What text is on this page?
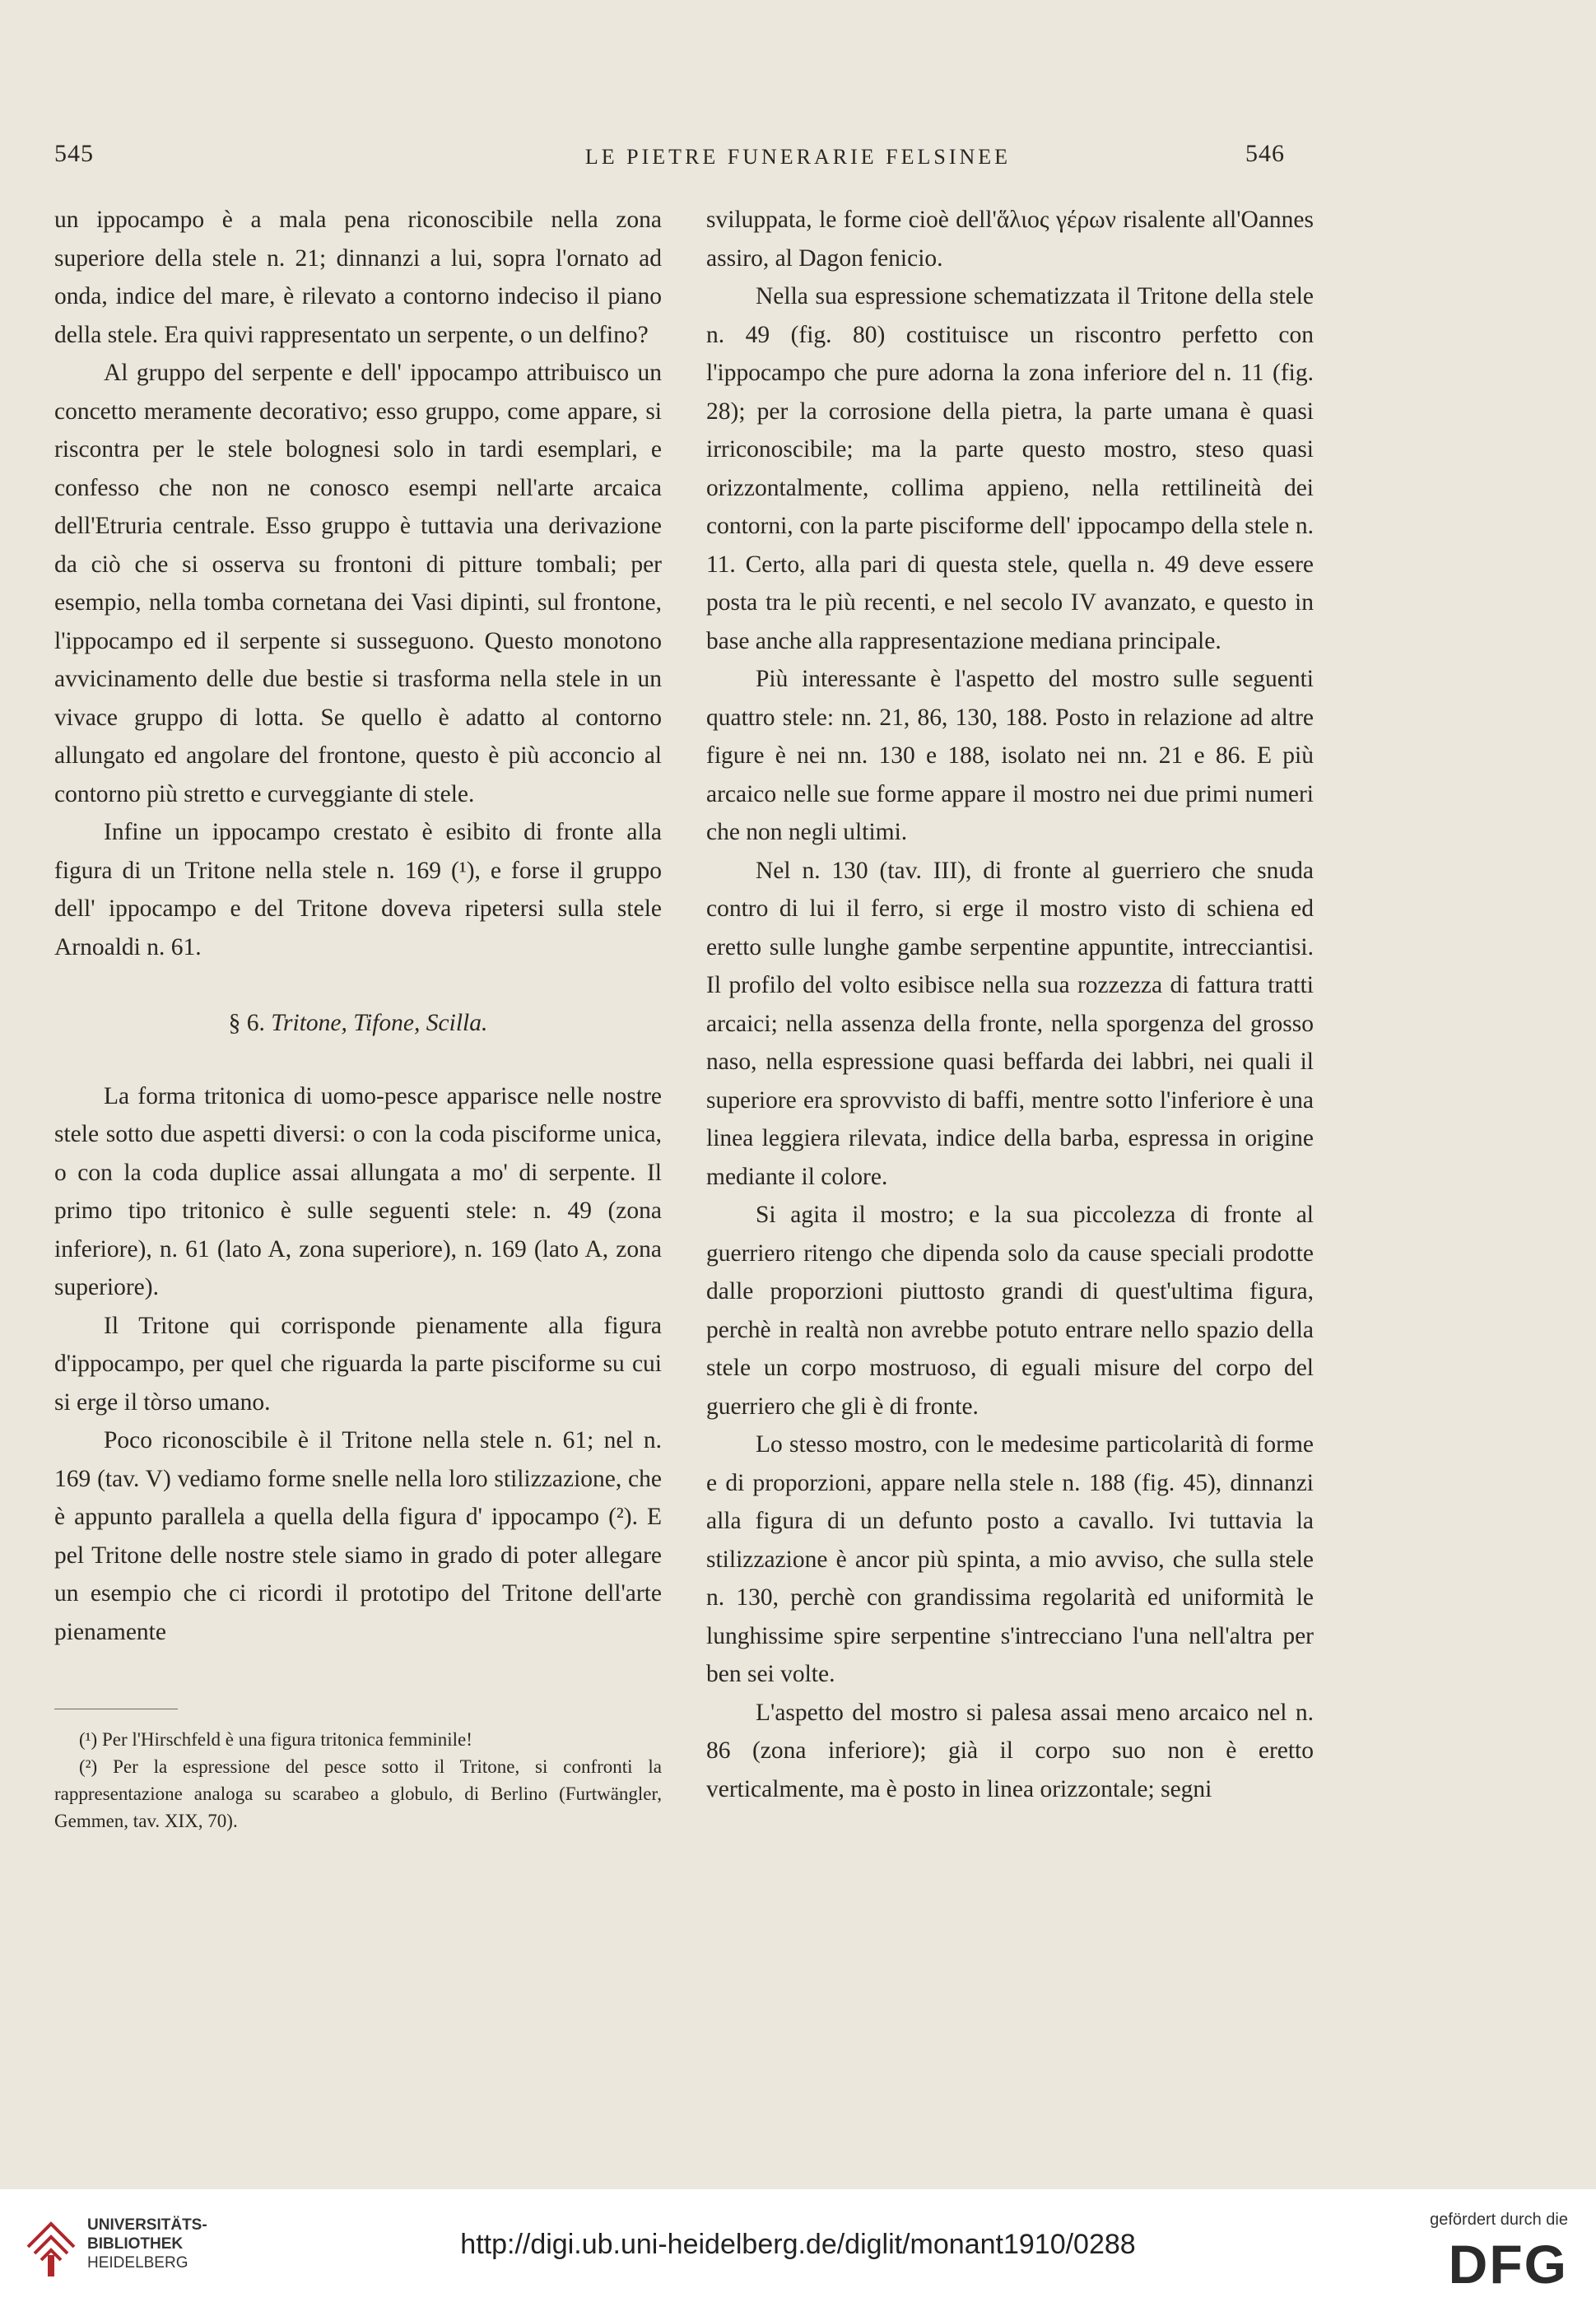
545	LE PIETRE FUNERARIE FELSINEE	546

un ippocampo è a mala pena riconoscibile nella zona superiore della stele n. 21; dinnanzi a lui, sopra l'ornato ad onda, indice del mare, è rilevato a contorno indeciso il piano della stele. Era quivi rappresentato un serpente, o un delfino?

Al gruppo del serpente e dell' ippocampo attribuisco un concetto meramente decorativo; esso gruppo, come appare, si riscontra per le stele bolognesi solo in tardi esemplari, e confesso che non ne conosco esempi nell'arte arcaica dell'Etruria centrale. Esso gruppo è tuttavia una derivazione da ciò che si osserva su frontoni di pitture tombali; per esempio, nella tomba cornetana dei Vasi dipinti, sul frontone, l'ippocampo ed il serpente si susseguono. Questo monotono avvicinamento delle due bestie si trasforma nella stele in un vivace gruppo di lotta. Se quello è adatto al contorno allungato ed angolare del frontone, questo è più acconcio al contorno più stretto e curveggiante di stele.

Infine un ippocampo crestato è esibito di fronte alla figura di un Tritone nella stele n. 169 (¹), e forse il gruppo dell' ippocampo e del Tritone doveva ripetersi sulla stele Arnoaldi n. 61.

§ 6. Tritone, Tifone, Scilla.

La forma tritonica di uomo-pesce apparisce nelle nostre stele sotto due aspetti diversi: o con la coda pisciforme unica, o con la coda duplice assai allungata a mo' di serpente. Il primo tipo tritonico è sulle seguenti stele: n. 49 (zona inferiore), n. 61 (lato A, zona superiore), n. 169 (lato A, zona superiore).

Il Tritone qui corrisponde pienamente alla figura d'ippocampo, per quel che riguarda la parte pisciforme su cui si erge il tòrso umano.

Poco riconoscibile è il Tritone nella stele n. 61; nel n. 169 (tav. V) vediamo forme snelle nella loro stilizzazione, che è appunto parallela a quella della figura d' ippocampo (²). E pel Tritone delle nostre stele siamo in grado di poter allegare un esempio che ci ricordi il prototipo del Tritone dell'arte pienamente

(¹) Per l'Hirschfeld è una figura tritonica femminile!

(²) Per la espressione del pesce sotto il Tritone, si confronti la rappresentazione analoga su scarabeo a globulo, di Berlino (Furtwängler, Gemmen, tav. XIX, 70).

sviluppata, le forme cioè dell'ἅλιος γέρων risalente all'Oannes assiro, al Dagon fenicio.

Nella sua espressione schematizzata il Tritone della stele n. 49 (fig. 80) costituisce un riscontro perfetto con l'ippocampo che pure adorna la zona inferiore del n. 11 (fig. 28); per la corrosione della pietra, la parte umana è quasi irriconoscibile; ma la parte questo mostro, steso quasi orizzontalmente, collima appieno, nella rettilineità dei contorni, con la parte pisciforme dell' ippocampo della stele n. 11. Certo, alla pari di questa stele, quella n. 49 deve essere posta tra le più recenti, e nel secolo IV avanzato, e questo in base anche alla rappresentazione mediana principale.

Più interessante è l'aspetto del mostro sulle seguenti quattro stele: nn. 21, 86, 130, 188. Posto in relazione ad altre figure è nei nn. 130 e 188, isolato nei nn. 21 e 86. E più arcaico nelle sue forme appare il mostro nei due primi numeri che non negli ultimi.

Nel n. 130 (tav. III), di fronte al guerriero che snuda contro di lui il ferro, si erge il mostro visto di schiena ed eretto sulle lunghe gambe serpentine appuntite, intrecciantisi. Il profilo del volto esibisce nella sua rozzezza di fattura tratti arcaici; nella assenza della fronte, nella sporgenza del grosso naso, nella espressione quasi beffarda dei labbri, nei quali il superiore era sprovvisto di baffi, mentre sotto l'inferiore è una linea leggiera rilevata, indice della barba, espressa in origine mediante il colore.

Si agita il mostro; e la sua piccolezza di fronte al guerriero ritengo che dipenda solo da cause speciali prodotte dalle proporzioni piuttosto grandi di quest'ultima figura, perchè in realtà non avrebbe potuto entrare nello spazio della stele un corpo mostruoso, di eguali misure del corpo del guerriero che gli è di fronte.

Lo stesso mostro, con le medesime particolarità di forme e di proporzioni, appare nella stele n. 188 (fig. 45), dinnanzi alla figura di un defunto posto a cavallo. Ivi tuttavia la stilizzazione è ancor più spinta, a mio avviso, che sulla stele n. 130, perchè con grandissima regolarità ed uniformità le lunghissime spire serpentine s'intrecciano l'una nell'altra per ben sei volte.

L'aspetto del mostro si palesa assai meno arcaico nel n. 86 (zona inferiore); già il corpo suo non è eretto verticalmente, ma è posto in linea orizzontale; segni

UNIVERSITÄTS-
BIBLIOTHEK
HEIDELBERG
http://digi.ub.uni-heidelberg.de/diglit/monant1910/0288
gefördert durch die
DFG
